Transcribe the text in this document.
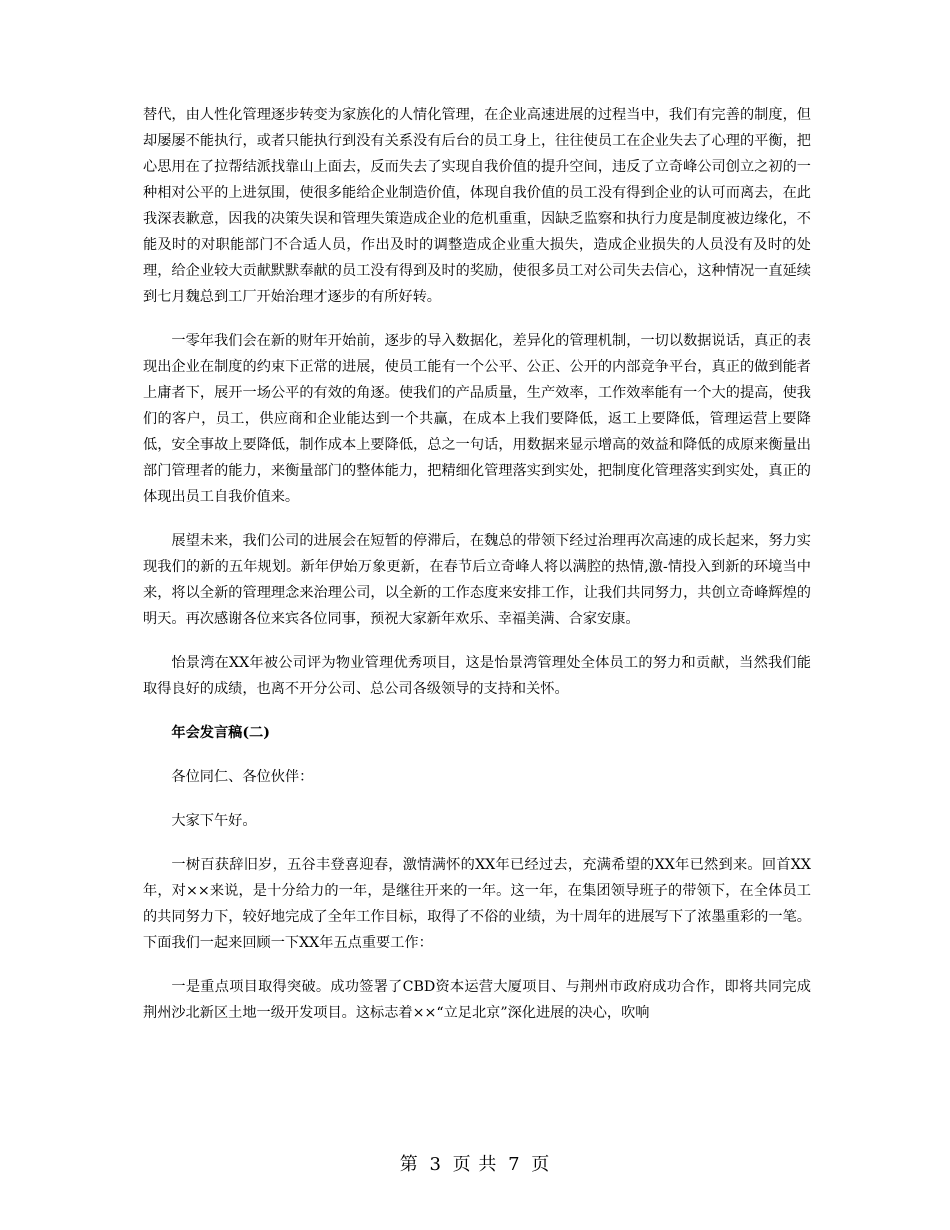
替代，由人性化管理逐步转变为家族化的人情化管理，在企业高速进展的过程当中，我们有完善的制度，但却屡屡不能执行，或者只能执行到没有关系没有后台的员工身上，往往使员工在企业失去了心理的平衡，把心思用在了拉帮结派找靠山上面去，反而失去了实现自我价值的提升空间，违反了立奇峰公司创立之初的一种相对公平的上进氛围，使很多能给企业制造价值，体现自我价值的员工没有得到企业的认可而离去，在此我深表歉意，因我的决策失误和管理失策造成企业的危机重重，因缺乏监察和执行力度是制度被边缘化，不能及时的对职能部门不合适人员，作出及时的调整造成企业重大损失，造成企业损失的人员没有及时的处理，给企业较大贡献默默奉献的员工没有得到及时的奖励，使很多员工对公司失去信心，这种情况一直延续到七月魏总到工厂开始治理才逐步的有所好转。

一零年我们会在新的财年开始前，逐步的导入数据化，差异化的管理机制，一切以数据说话，真正的表现出企业在制度的约束下正常的进展，使员工能有一个公平、公正、公开的内部竞争平台，真正的做到能者上庸者下，展开一场公平的有效的角逐。使我们的产品质量，生产效率，工作效率能有一个大的提高，使我们的客户，员工，供应商和企业能达到一个共赢，在成本上我们要降低，返工上要降低，管理运营上要降低，安全事故上要降低，制作成本上要降低，总之一句话，用数据来显示增高的效益和降低的成原来衡量出部门管理者的能力，来衡量部门的整体能力，把精细化管理落实到实处，把制度化管理落实到实处，真正的体现出员工自我价值来。

展望未来，我们公司的进展会在短暂的停滞后，在魏总的带领下经过治理再次高速的成长起来，努力实现我们的新的五年规划。新年伊始万象更新，在春节后立奇峰人将以满腔的热情,激-情投入到新的环境当中来，将以全新的管理理念来治理公司，以全新的工作态度来安排工作，让我们共同努力，共创立奇峰辉煌的明天。再次感谢各位来宾各位同事，预祝大家新年欢乐、幸福美满、合家安康。

怡景湾在XX年被公司评为物业管理优秀项目，这是怡景湾管理处全体员工的努力和贡献，当然我们能取得良好的成绩，也离不开分公司、总公司各级领导的支持和关怀。

年会发言稿(二)

各位同仁、各位伙伴：

大家下午好。

一树百获辞旧岁，五谷丰登喜迎春，激情满怀的XX年已经过去，充满希望的XX年已然到来。回首XX年，对××来说，是十分给力的一年，是继往开来的一年。这一年，在集团领导班子的带领下，在全体员工的共同努力下，较好地完成了全年工作目标，取得了不俗的业绩，为十周年的进展写下了浓墨重彩的一笔。下面我们一起来回顾一下XX年五点重要工作：

一是重点项目取得突破。成功签署了CBD资本运营大厦项目、与荆州市政府成功合作，即将共同完成荆州沙北新区土地一级开发项目。这标志着××“立足北京”深化进展的决心，吹响

第 3 页 共 7 页
